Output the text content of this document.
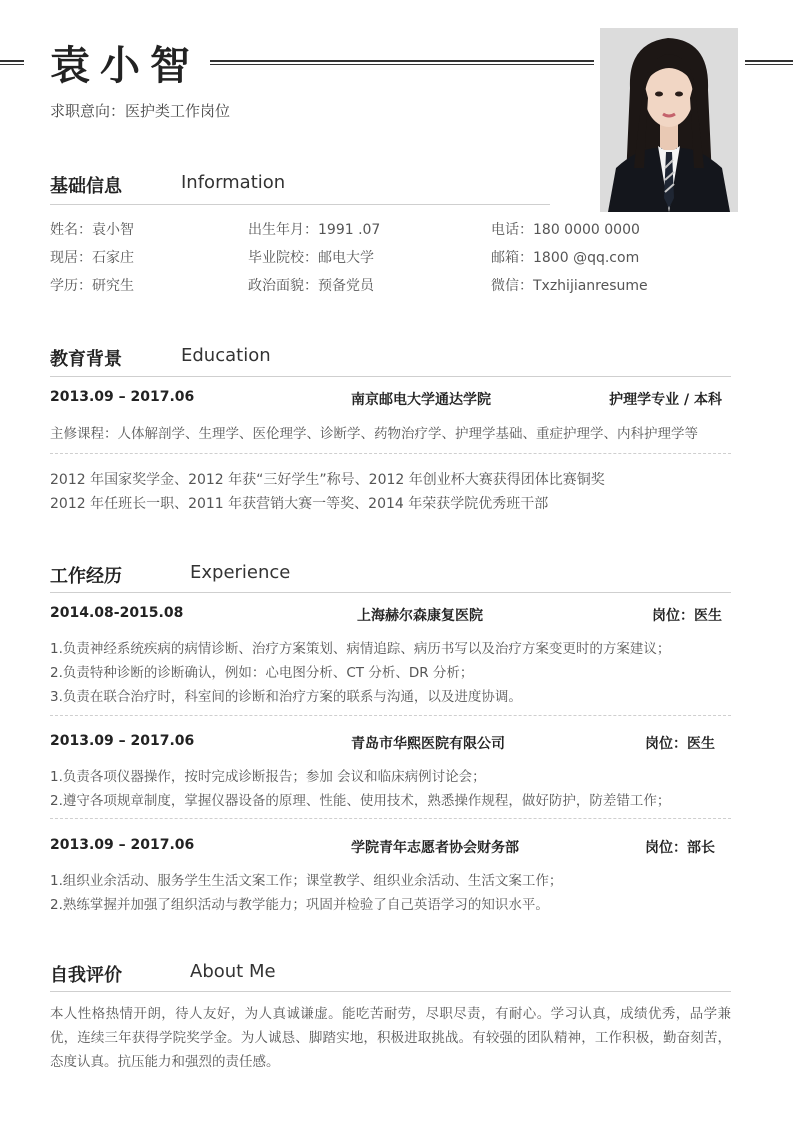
袁小智
求职意向：医护类工作岗位
基础信息	Information
姓名：袁小智	出生年月：1991 .07	电话：180 0000 0000
现居：石家庄	毕业院校：邮电大学	邮箱：1800 @qq.com
学历：研究生	政治面貌：预备党员	微信：Txzhijianresume
教育背景	Education
2013.09 – 2017.06	南京邮电大学通达学院	护理学专业 / 本科
主修课程：人体解剖学、生理学、医伦理学、诊断学、药物治疗学、护理学基础、重症护理学、内科护理学等
2012 年国家奖学金、2012 年获“三好学生”称号、2012 年创业杯大赛获得团体比赛铜奖
2012 年任班长一职、2011 年获营销大赛一等奖、2014 年荣获学院优秀班干部
工作经历	Experience
2014.08-2015.08	上海赫尔森康复医院	岗位：医生
1.负责神经系统疾病的病情诊断、治疗方案策划、病情追踪、病历书写以及治疗方案变更时的方案建议；
2.负责特种诊断的诊断确认，例如：心电图分析、CT 分析、DR 分析；
3.负责在联合治疗时，科室间的诊断和治疗方案的联系与沟通，以及进度协调。
2013.09 – 2017.06	青岛市华熙医院有限公司	岗位：医生
1.负责各项仪器操作，按时完成诊断报告；参加 会议和临床病例讨论会；
2.遵守各项规章制度，掌握仪器设备的原理、性能、使用技术，熟悉操作规程，做好防护，防差错工作；
2013.09 – 2017.06	学院青年志愿者协会财务部	岗位：部长
1.组织业余活动、服务学生生活文案工作；课堂教学、组织业余活动、生活文案工作；
2.熟练掌握并加强了组织活动与教学能力；巩固并检验了自己英语学习的知识水平。
自我评价	About Me
本人性格热情开朗，待人友好，为人真诚谦虚。能吃苦耐劳，尽职尽责，有耐心。学习认真，成绩优秀，品学兼优，连续三年获得学院奖学金。为人诚恳、脚踏实地，积极进取挑战。有较强的团队精神，工作积极，勤奋刻苦，态度认真。抗压能力和强烈的责任感。
